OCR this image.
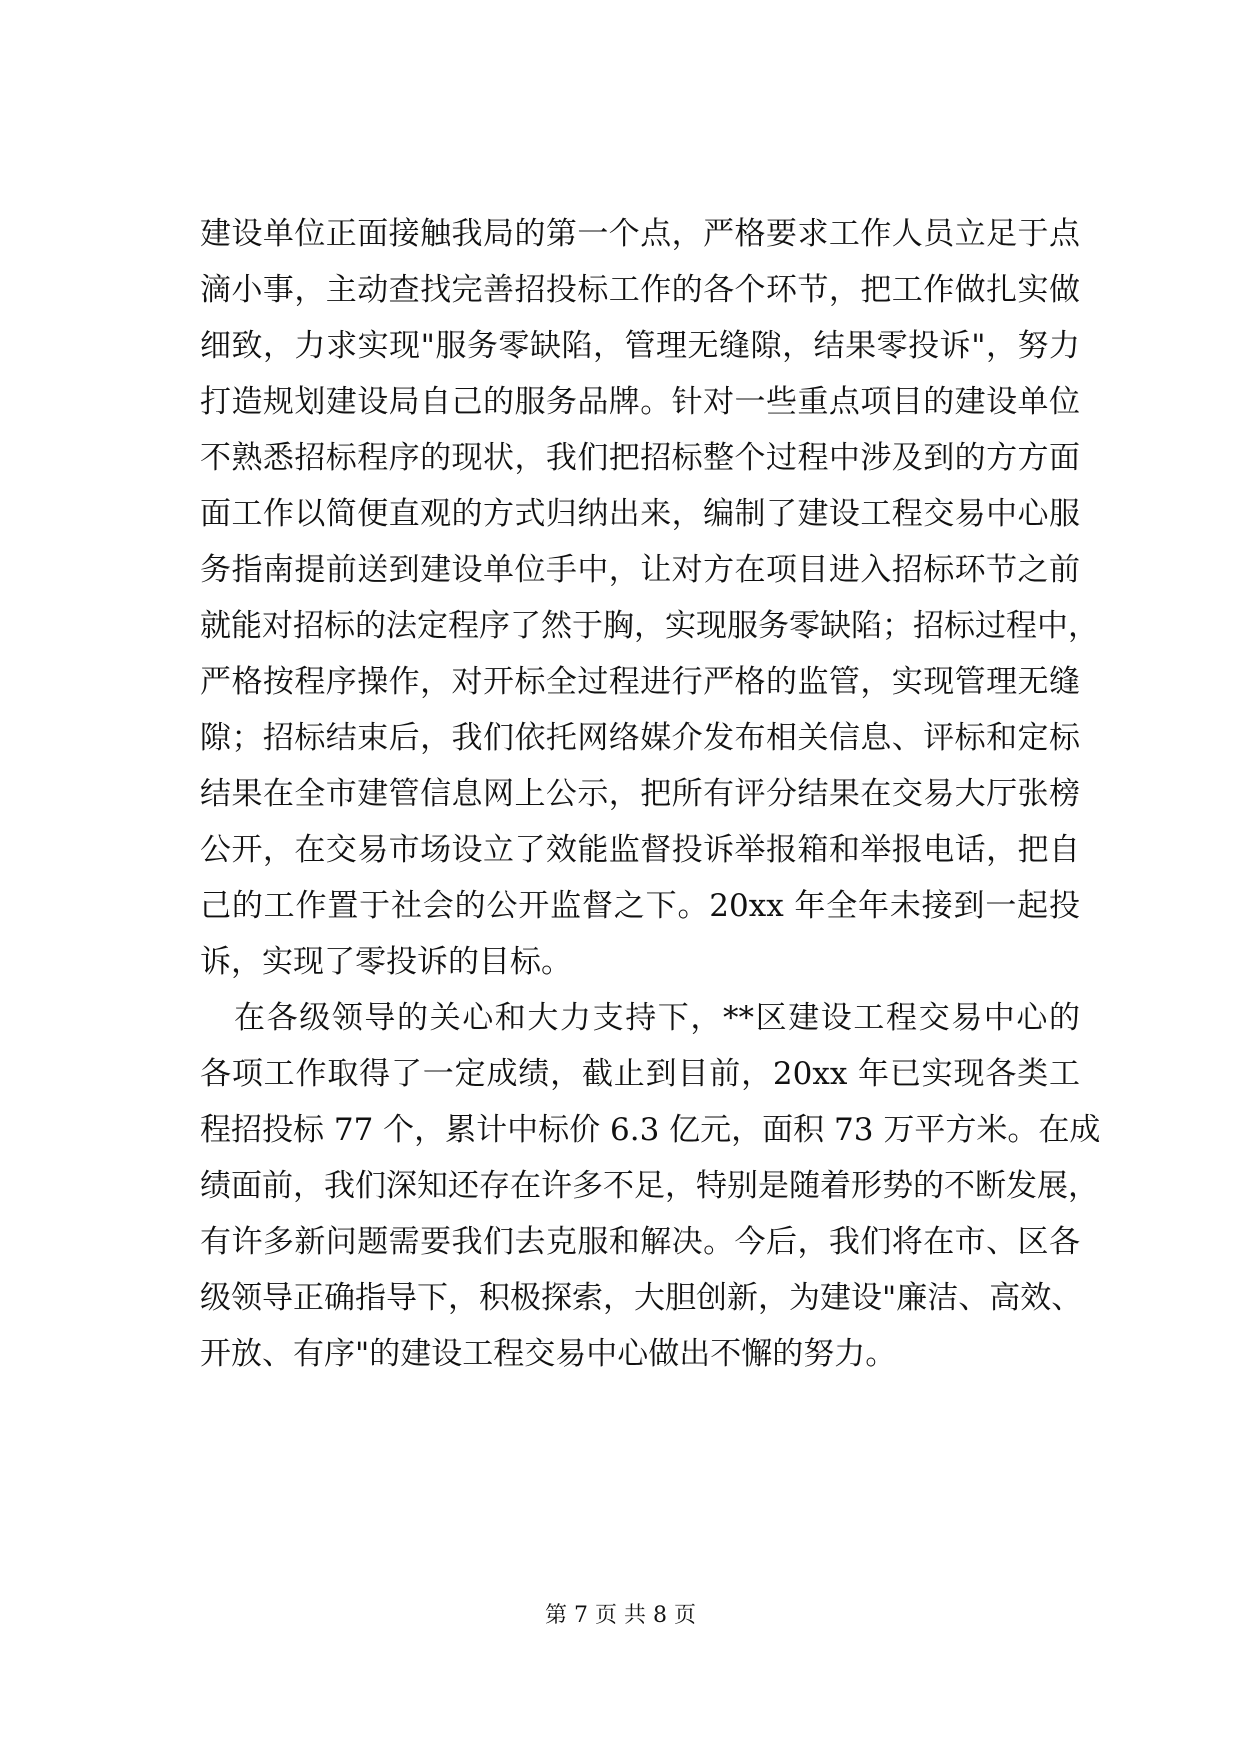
建设单位正面接触我局的第一个点，严格要求工作人员立足于点
滴小事，主动查找完善招投标工作的各个环节，把工作做扎实做
细致，力求实现"服务零缺陷，管理无缝隙，结果零投诉"，努力
打造规划建设局自己的服务品牌。针对一些重点项目的建设单位
不熟悉招标程序的现状，我们把招标整个过程中涉及到的方方面
面工作以简便直观的方式归纳出来，编制了建设工程交易中心服
务指南提前送到建设单位手中，让对方在项目进入招标环节之前
就能对招标的法定程序了然于胸，实现服务零缺陷；招标过程中，
严格按程序操作，对开标全过程进行严格的监管，实现管理无缝
隙；招标结束后，我们依托网络媒介发布相关信息、评标和定标
结果在全市建管信息网上公示，把所有评分结果在交易大厅张榜
公开，在交易市场设立了效能监督投诉举报箱和举报电话，把自
己的工作置于社会的公开监督之下。20xx 年全年未接到一起投
诉，实现了零投诉的目标。
在各级领导的关心和大力支持下，**区建设工程交易中心的
各项工作取得了一定成绩，截止到目前，20xx 年已实现各类工
程招投标 77 个，累计中标价 6.3 亿元，面积 73 万平方米。在成
绩面前，我们深知还存在许多不足，特别是随着形势的不断发展，
有许多新问题需要我们去克服和解决。今后，我们将在市、区各
级领导正确指导下，积极探索，大胆创新，为建设"廉洁、高效、
开放、有序"的建设工程交易中心做出不懈的努力。
第 7 页 共 8 页
